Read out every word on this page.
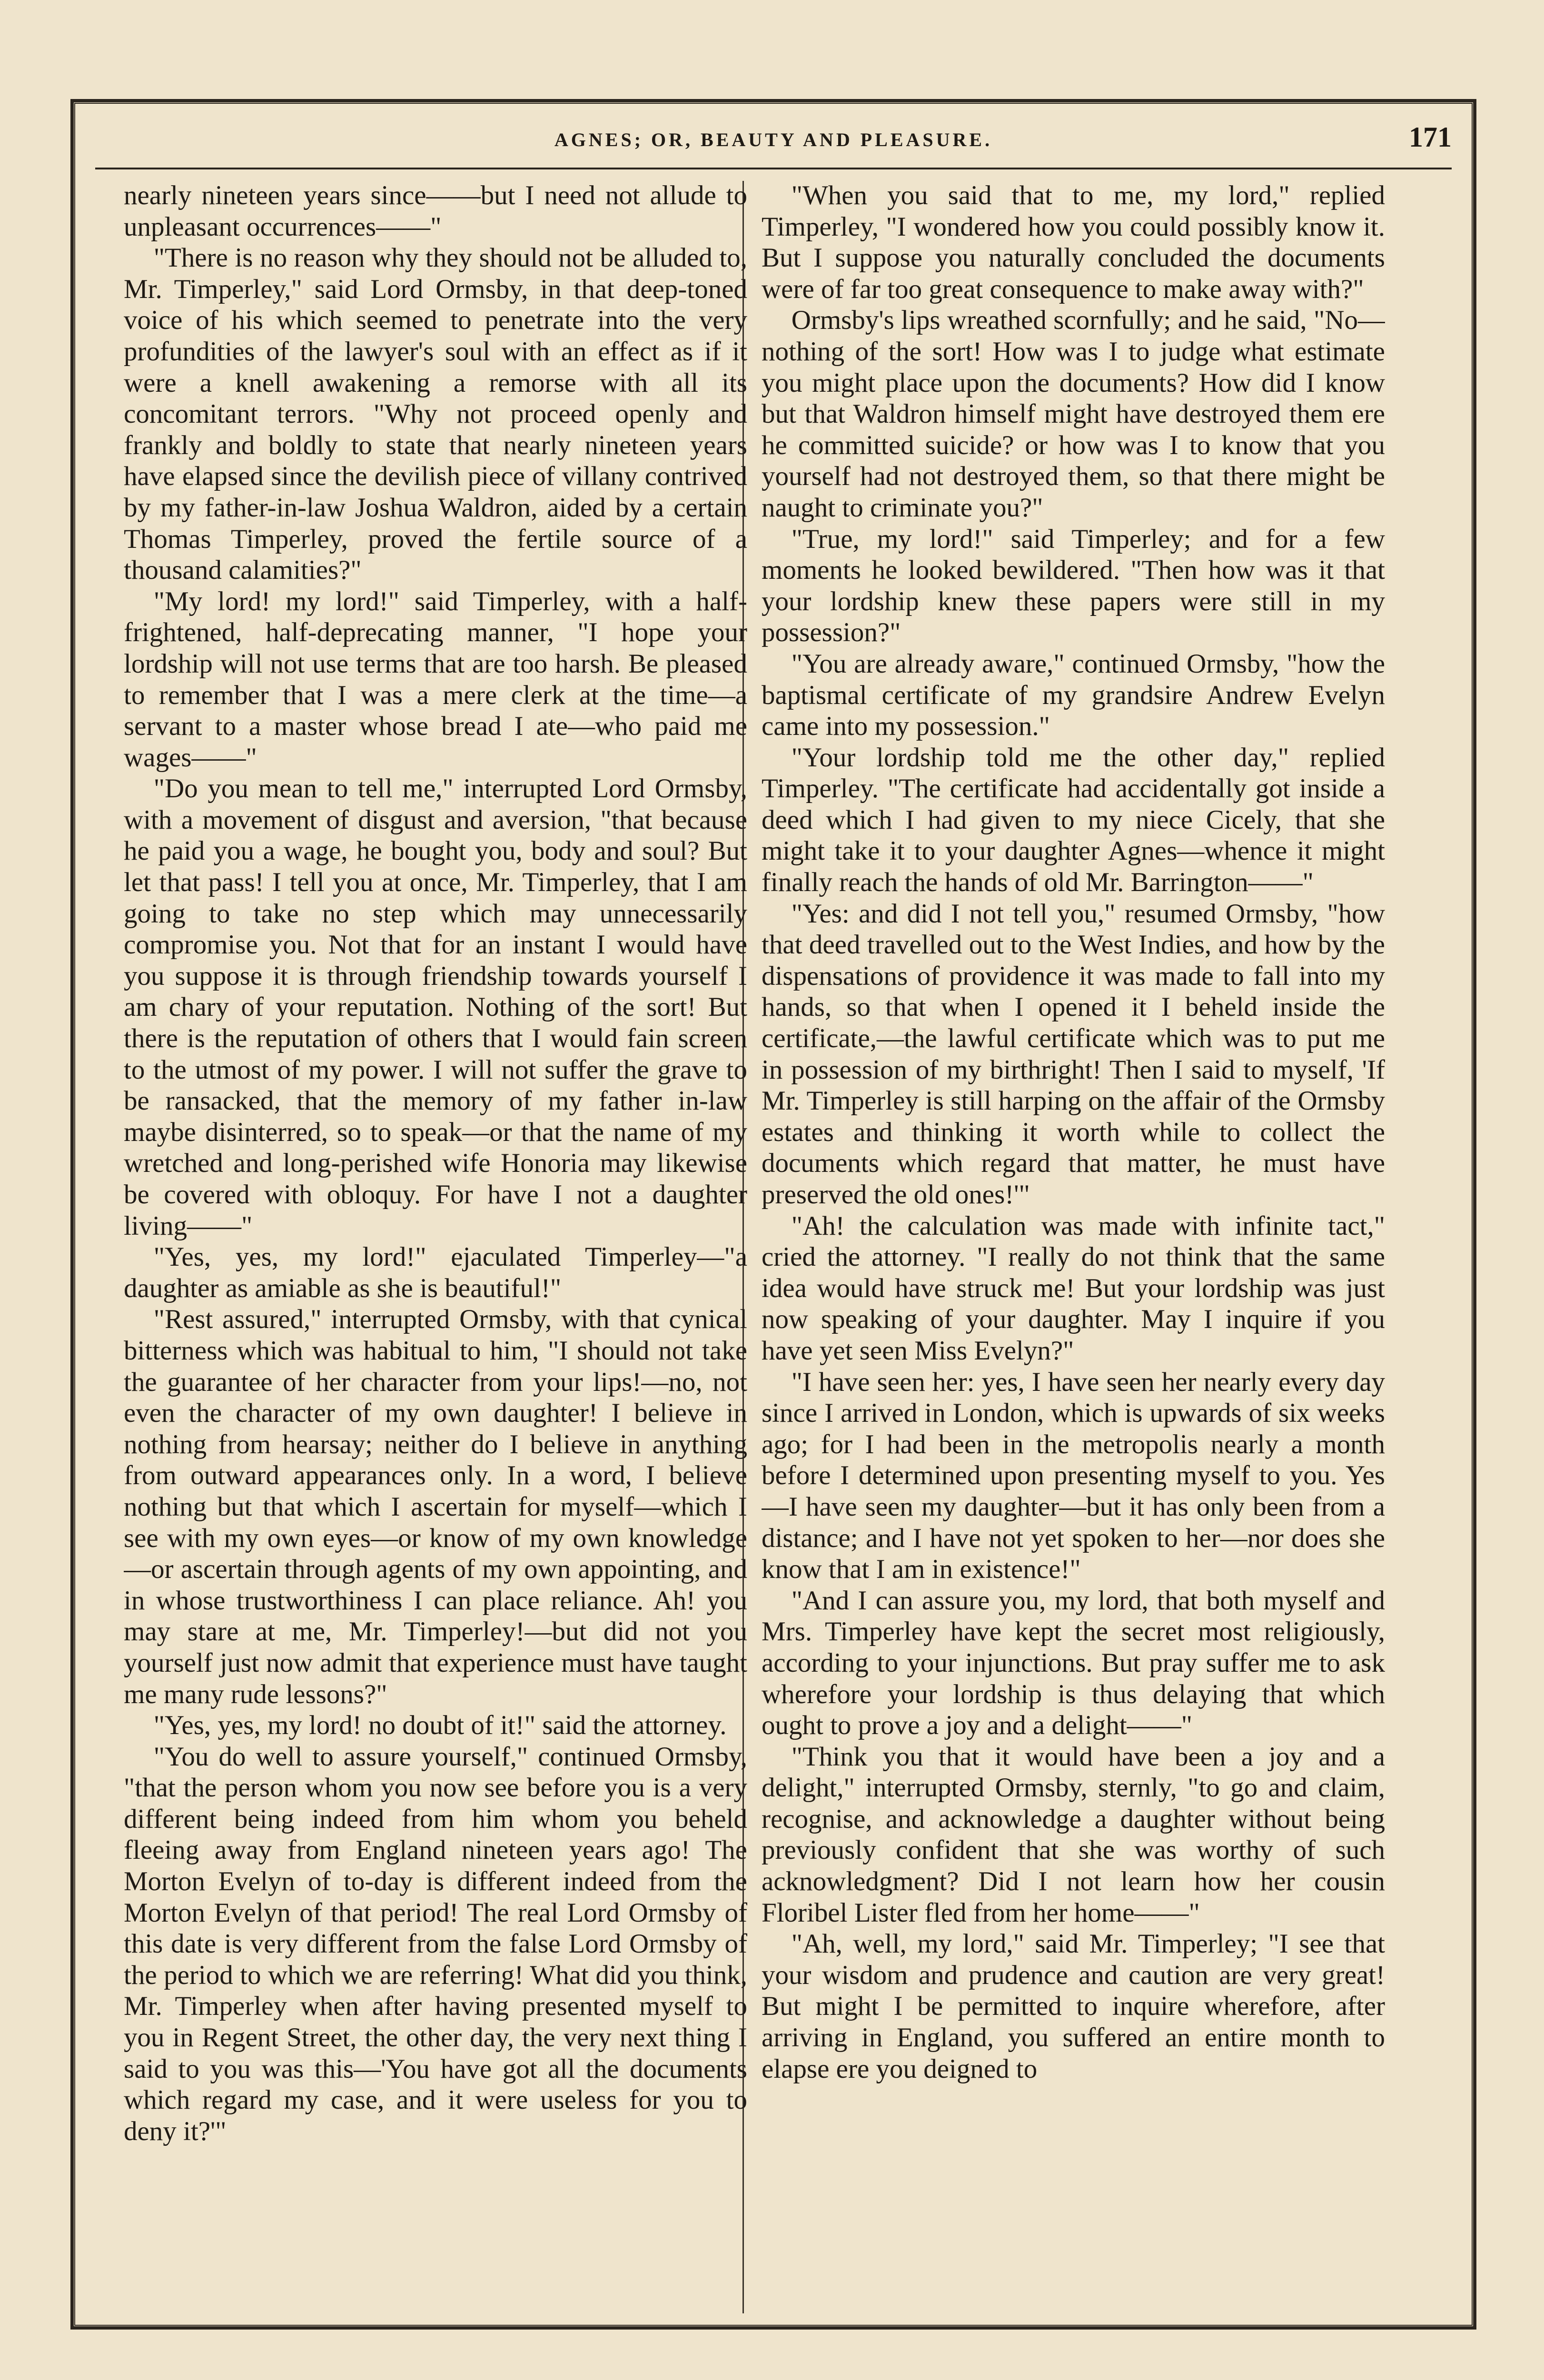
AGNES; OR, BEAUTY AND PLEASURE.	171

nearly nineteen years since——but I need not allude to unpleasant occurrences——"

"There is no reason why they should not be alluded to, Mr. Timperley," said Lord Ormsby, in that deep-toned voice of his which seemed to penetrate into the very profundities of the lawyer's soul with an effect as if it were a knell awakening a remorse with all its concomitant terrors. "Why not proceed openly and frankly and boldly to state that nearly nineteen years have elapsed since the devilish piece of villany contrived by my father-in-law Joshua Waldron, aided by a certain Thomas Timperley, proved the fertile source of a thousand calamities?"

"My lord! my lord!" said Timperley, with a half-frightened, half-deprecating manner, "I hope your lordship will not use terms that are too harsh. Be pleased to remember that I was a mere clerk at the time—a servant to a master whose bread I ate—who paid me wages——"

"Do you mean to tell me," interrupted Lord Ormsby, with a movement of disgust and aversion, "that because he paid you a wage, he bought you, body and soul? But let that pass! I tell you at once, Mr. Timperley, that I am going to take no step which may unnecessarily compromise you. Not that for an instant I would have you suppose it is through friendship towards yourself I am chary of your reputation. Nothing of the sort! But there is the reputation of others that I would fain screen to the utmost of my power. I will not suffer the grave to be ransacked, that the memory of my father in-law maybe disinterred, so to speak—or that the name of my wretched and long-perished wife Honoria may likewise be covered with obloquy. For have I not a daughter living——"

"Yes, yes, my lord!" ejaculated Timperley—"a daughter as amiable as she is beautiful!"

"Rest assured," interrupted Ormsby, with that cynical bitterness which was habitual to him, "I should not take the guarantee of her character from your lips!—no, not even the character of my own daughter! I believe in nothing from hearsay; neither do I believe in anything from outward appearances only. In a word, I believe nothing but that which I ascertain for myself—which I see with my own eyes—or know of my own knowledge—or ascertain through agents of my own appointing, and in whose trustworthiness I can place reliance. Ah! you may stare at me, Mr. Timperley!—but did not you yourself just now admit that experience must have taught me many rude lessons?"

"Yes, yes, my lord! no doubt of it!" said the attorney.

"You do well to assure yourself," continued Ormsby, "that the person whom you now see before you is a very different being indeed from him whom you beheld fleeing away from England nineteen years ago! The Morton Evelyn of to-day is different indeed from the Morton Evelyn of that period! The real Lord Ormsby of this date is very different from the false Lord Ormsby of the period to which we are referring! What did you think, Mr. Timperley when after having presented myself to you in Regent Street, the other day, the very next thing I said to you was this—'You have got all the documents which regard my case, and it were useless for you to deny it?'"

"When you said that to me, my lord," replied Timperley, "I wondered how you could possibly know it. But I suppose you naturally concluded the documents were of far too great consequence to make away with?"

Ormsby's lips wreathed scornfully; and he said, "No—nothing of the sort! How was I to judge what estimate you might place upon the documents? How did I know but that Waldron himself might have destroyed them ere he committed suicide? or how was I to know that you yourself had not destroyed them, so that there might be naught to criminate you?"

"True, my lord!" said Timperley; and for a few moments he looked bewildered. "Then how was it that your lordship knew these papers were still in my possession?"

"You are already aware," continued Ormsby, "how the baptismal certificate of my grandsire Andrew Evelyn came into my possession."

"Your lordship told me the other day," replied Timperley. "The certificate had accidentally got inside a deed which I had given to my niece Cicely, that she might take it to your daughter Agnes—whence it might finally reach the hands of old Mr. Barrington——"

"Yes: and did I not tell you," resumed Ormsby, "how that deed travelled out to the West Indies, and how by the dispensations of providence it was made to fall into my hands, so that when I opened it I beheld inside the certificate,—the lawful certificate which was to put me in possession of my birthright! Then I said to myself, 'If Mr. Timperley is still harping on the affair of the Ormsby estates and thinking it worth while to collect the documents which regard that matter, he must have preserved the old ones!'"

"Ah! the calculation was made with infinite tact," cried the attorney. "I really do not think that the same idea would have struck me! But your lordship was just now speaking of your daughter. May I inquire if you have yet seen Miss Evelyn?"

"I have seen her: yes, I have seen her nearly every day since I arrived in London, which is upwards of six weeks ago; for I had been in the metropolis nearly a month before I determined upon presenting myself to you. Yes—I have seen my daughter—but it has only been from a distance; and I have not yet spoken to her—nor does she know that I am in existence!"

"And I can assure you, my lord, that both myself and Mrs. Timperley have kept the secret most religiously, according to your injunctions. But pray suffer me to ask wherefore your lordship is thus delaying that which ought to prove a joy and a delight——"

"Think you that it would have been a joy and a delight," interrupted Ormsby, sternly, "to go and claim, recognise, and acknowledge a daughter without being previously confident that she was worthy of such acknowledgment? Did I not learn how her cousin Floribel Lister fled from her home——"

"Ah, well, my lord," said Mr. Timperley; "I see that your wisdom and prudence and caution are very great! But might I be permitted to inquire wherefore, after arriving in England, you suffered an entire month to elapse ere you deigned to
